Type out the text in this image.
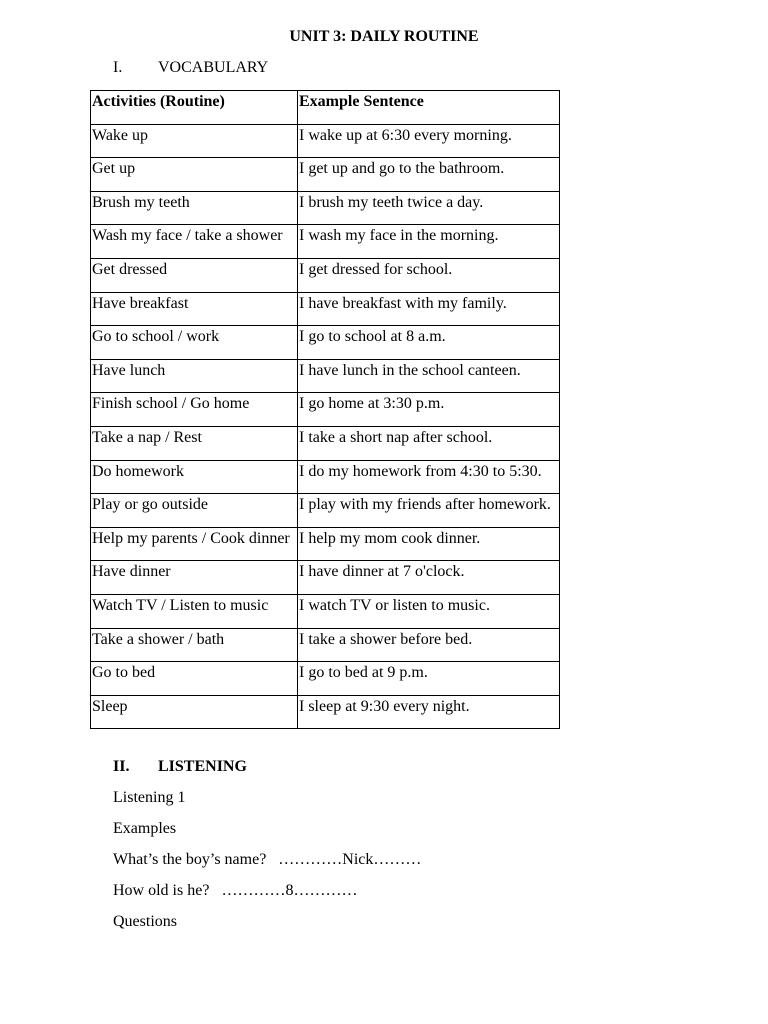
UNIT 3: DAILY ROUTINE
I. VOCABULARY
Activities (Routine)	Example Sentence
Wake up	I wake up at 6:30 every morning.
Get up	I get up and go to the bathroom.
Brush my teeth	I brush my teeth twice a day.
Wash my face / take a shower	I wash my face in the morning.
Get dressed	I get dressed for school.
Have breakfast	I have breakfast with my family.
Go to school / work	I go to school at 8 a.m.
Have lunch	I have lunch in the school canteen.
Finish school / Go home	I go home at 3:30 p.m.
Take a nap / Rest	I take a short nap after school.
Do homework	I do my homework from 4:30 to 5:30.
Play or go outside	I play with my friends after homework.
Help my parents / Cook dinner	I help my mom cook dinner.
Have dinner	I have dinner at 7 o'clock.
Watch TV / Listen to music	I watch TV or listen to music.
Take a shower / bath	I take a shower before bed.
Go to bed	I go to bed at 9 p.m.
Sleep	I sleep at 9:30 every night.
II. LISTENING
Listening 1
Examples
What’s the boy’s name? …………Nick………
How old is he? …………8…………
Questions
